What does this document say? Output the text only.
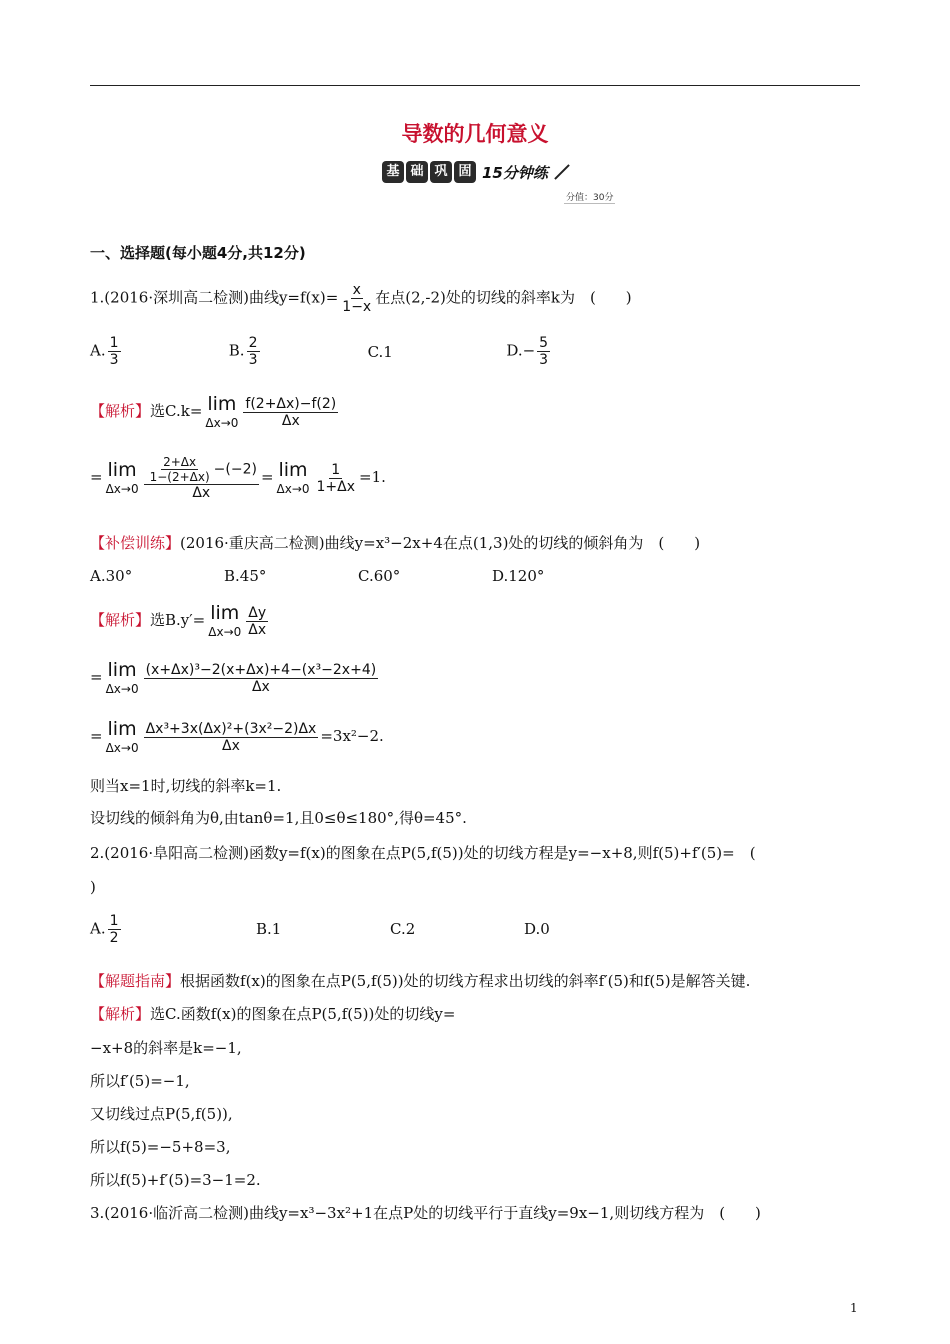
导数的几何意义
基 础 巩 固 15分钟练
分值：30分
一、选择题(每小题4分,共12分)
1.(2016·深圳高二检测)曲线$y=f(x)= \frac{x}{1-x}$ 在点(2,-2)处的切线的斜率k为　(　　)
A. $\frac{1}{3}$	B. $\frac{2}{3}$	C.1	$D.- \frac{5}{3}$
【解析】选C.k= lim
$\Delta x\to 0 \frac{f(2+\Delta x)-f(2)}{\Delta x}$
= lim
$\Delta x\to 0 \frac{\frac{2+\Delta x}{1-(2+\Delta x)} -(-2)}{\Delta x} = \lim$
$\Delta x\to 0 \frac{1}{1+\Delta x} =1$.
【补偿训练】(2016·重庆高二检测)曲线y=x³−2x+4在点(1,3)处的切线的倾斜角为　(　　)
A.30°	B.45°	C.60°	D.120°
【解析】选B.y′= lim
$\Delta x\to 0 \frac{\Delta y}{\Delta x}$
= lim
$\Delta x\to 0 \frac{\text{(x+Δx)³−2(x+Δx)+4−(x³−2x+4)}}{\Delta x}$
= lim
$\Delta x\to 0 \frac{\text{Δx³+3x(Δx)²+(3x²−2)Δx}}{\Delta x} =3x^2-2$.
则当x=1时,切线的斜率k=1.
设切线的倾斜角为θ,由tanθ=1,且0≤θ≤180°,得θ=45°.
2.(2016·阜阳高二检测)函数y=f(x)的图象在点P(5,f(5))处的切线方程是y=−x+8,则f(5)+f′(5)=　(
)
A. $\frac{1}{2}$	B.1	C.2	D.0
【解题指南】根据函数f(x)的图象在点P(5,f(5))处的切线方程求出切线的斜率f′(5)和f(5)是解答关键.
【解析】选C.函数f(x)的图象在点P(5,f(5))处的切线y=
−x+8的斜率是k=−1,
所以f′(5)=−1,
又切线过点P(5,f(5)),
所以f(5)=−5+8=3,
所以f(5)+f′(5)=3−1=2.
3.(2016·临沂高二检测)曲线y=x³−3x²+1在点P处的切线平行于直线y=9x−1,则切线方程为　(　　)
1
